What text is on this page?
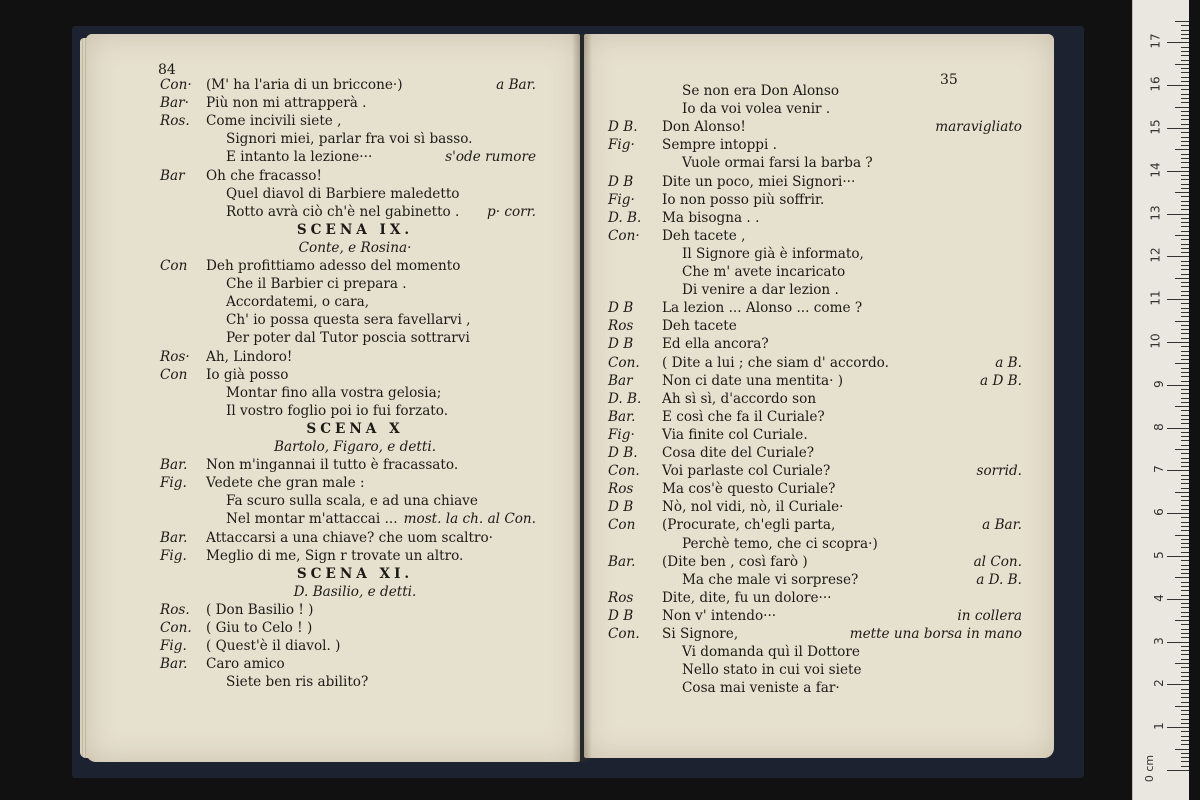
84
Con· (M' ha l'aria di un briccone·)	a Bar.
Bar· Più non mi attrapperà .
Ros. Come incivili siete ,
Signori miei, parlar fra voi sì basso.
E intanto la lezione···	s'ode rumore
Bar Oh che fracasso!
Quel diavol di Barbiere maledetto
Rotto avrà ciò ch'è nel gabinetto . p· corr.
SCENA IX.
Conte, e Rosina·
Con Deh profittiamo adesso del momento
Che il Barbier ci prepara .
Accordatemi, o cara,
Ch' io possa questa sera favellarvi ,
Per poter dal Tutor poscia sottrarvi
Ros· Ah, Lindoro!
Con Io già posso
Montar fino alla vostra gelosia;
Il vostro foglio poi io fui forzato.
SCENA X
Bartolo, Figaro, e detti.
Bar. Non m'ingannai il tutto è fracassato.
Fig. Vedete che gran male :
Fa scuro sulla scala, e ad una chiave
Nel montar m'attaccai ... most. la ch. al Con.
Bar. Attaccarsi a una chiave? che uom scaltro·
Fig. Meglio di me, Sign r trovate un altro.
SCENA XI.
D. Basilio, e detti.
Ros. ( Don Basilio ! )
Con. ( Giu to Celo ! )
Fig. ( Quest'è il diavol. )
Bar. Caro amico
Siete ben ris abilito?
35
Se non era Don Alonso
Io da voi volea venir .
D B. Don Alonso!	maravigliato
Fig· Sempre intoppi .
Vuole ormai farsi la barba ?
D B Dite un poco, miei Signori···
Fig· Io non posso più soffrir.
D. B. Ma bisogna . .
Con· Deh tacete ,
Il Signore già è informato,
Che m' avete incaricato
Di venire a dar lezion .
D B La lezion ... Alonso ... come ?
Ros Deh tacete
D B Ed ella ancora?
Con. ( Dite a lui ; che siam d' accordo.	a B.
Bar Non ci date una mentita· )	a D B.
D. B. Ah sì sì, d'accordo son
Bar. E così che fa il Curiale?
Fig· Via finite col Curiale.
D B. Cosa dite del Curiale?
Con. Voi parlaste col Curiale?	sorrid.
Ros Ma cos'è questo Curiale?
D B Nò, nol vidi, nò, il Curiale·
Con (Procurate, ch'egli parta,	a Bar.
Perchè temo, che ci scopra·)
Bar. (Dite ben , così farò )	al Con.
Ma che male vi sorprese?	a D. B.
Ros Dite, dite, fu un dolore···
D B Non v' intendo···	in collera
Con. Si Signore,	mette una borsa in mano
Vi domanda quì il Dottore
Nello stato in cui voi siete
Cosa mai veniste a far·
0 cm
1
2
3
4
5
6
7
8
9
10
11
12
13
14
15
16
17
